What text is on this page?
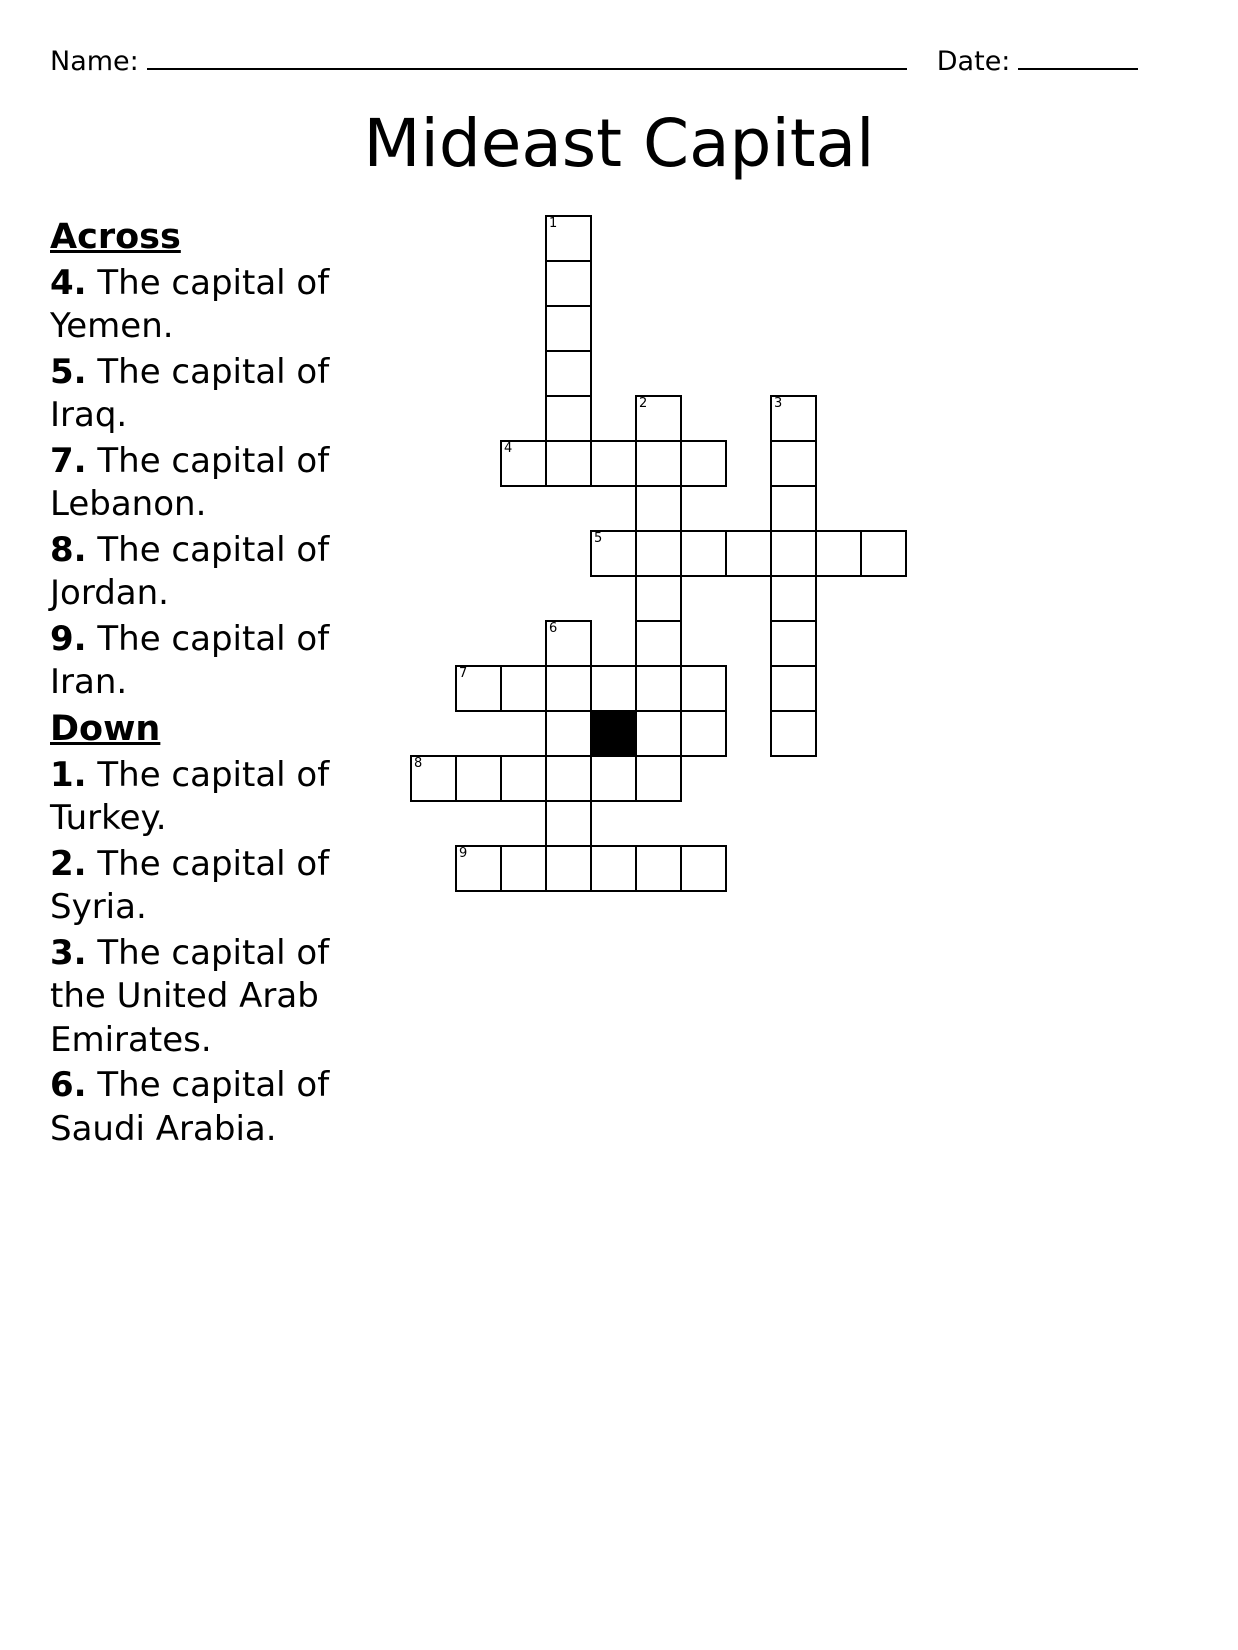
Name:	Date:
Mideast Capital
Across
4. The capital of Yemen.
5. The capital of Iraq.
7. The capital of Lebanon.
8. The capital of Jordan.
9. The capital of Iran.
Down
1. The capital of Turkey.
2. The capital of Syria.
3. The capital of the United Arab Emirates.
6. The capital of Saudi Arabia.
1
2	3
4
5
6
7
8
9
